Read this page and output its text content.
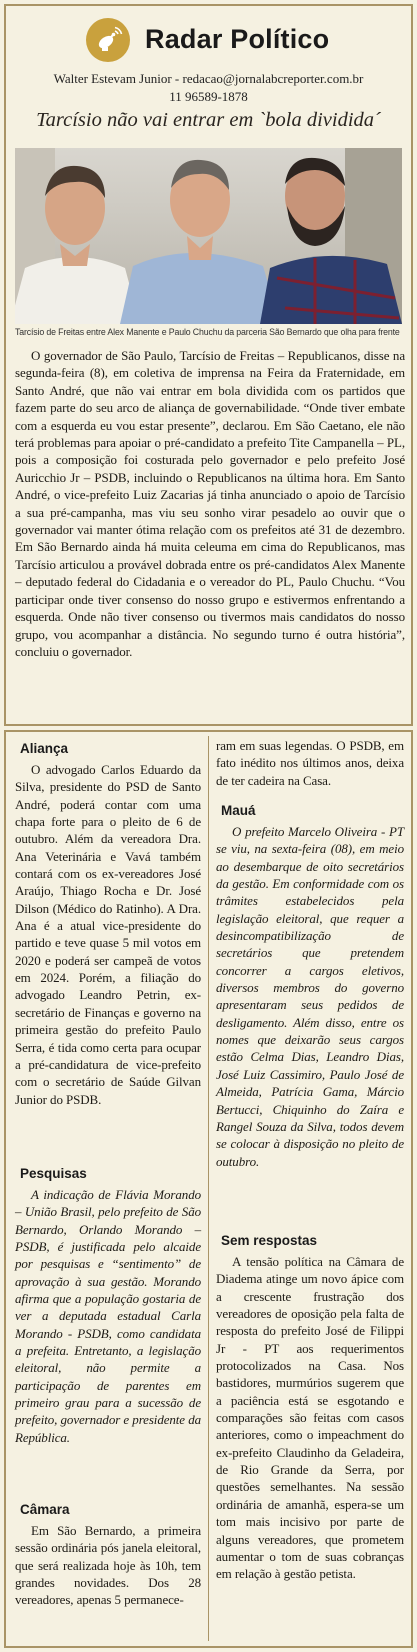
Radar Político
Walter Estevam Junior - redacao@jornalabcreporter.com.br
11 96589-1878
Tarcísio não vai entrar em `bola dividida´
Tarcísio de Freitas entre Alex Manente e Paulo Chuchu da parceria São Bernardo que olha para frente

O governador de São Paulo, Tarcísio de Freitas – Republicanos, disse na segunda-feira (8), em coletiva de imprensa na Feira da Fraternidade, em Santo André, que não vai entrar em bola dividida com os partidos que fazem parte do seu arco de aliança de governabilidade. “Onde tiver embate com a esquerda eu vou estar presente”, declarou. Em São Caetano, ele não terá problemas para apoiar o pré-candidato a prefeito Tite Campanella – PL, pois a composição foi costurada pelo governador e pelo prefeito José Auricchio Jr – PSDB, incluindo o Republicanos na última hora. Em Santo André, o vice-prefeito Luiz Zacarias já tinha anunciado o apoio de Tarcísio a sua pré-campanha, mas viu seu sonho virar pesadelo ao ouvir que o governador vai manter ótima relação com os prefeitos até 31 de dezembro. Em São Bernardo ainda há muita celeuma em cima do Republicanos, mas Tarcísio articulou a provável dobrada entre os pré-candidatos Alex Manente – deputado federal do Cidadania e o vereador do PL, Paulo Chuchu. “Vou participar onde tiver consenso do nosso grupo e estivermos enfrentando a esquerda. Onde não tiver consenso ou tivermos mais candidatos do nosso grupo, vou acompanhar a distância. No segundo turno é outra história”, concluiu o governador.

Aliança

O advogado Carlos Eduardo da Silva, presidente do PSD de Santo André, poderá contar com uma chapa forte para o pleito de 6 de outubro. Além da vereadora Dra. Ana Veterinária e Vavá também contará com os ex-vereadores José Araújo, Thiago Rocha e Dr. José Dilson (Médico do Ratinho). A Dra. Ana é a atual vice-presidente do partido e teve quase 5 mil votos em 2020 e poderá ser campeã de votos em 2024. Porém, a filiação do advogado Leandro Petrin, ex-secretário de Finanças e governo na primeira gestão do prefeito Paulo Serra, é tida como certa para ocupar a pré-candidatura de vice-prefeito com o secretário de Saúde Gilvan Junior do PSDB.

Pesquisas

A indicação de Flávia Morando – União Brasil, pelo prefeito de São Bernardo, Orlando Morando – PSDB, é justificada pelo alcaide por pesquisas e “sentimento” de aprovação à sua gestão. Morando afirma que a população gostaria de ver a deputada estadual Carla Morando - PSDB, como candidata a prefeita. Entretanto, a legislação eleitoral, não permite a participação de parentes em primeiro grau para a sucessão de prefeito, governador e presidente da República.

Câmara

Em São Bernardo, a primeira sessão ordinária pós janela eleitoral, que será realizada hoje às 10h, tem grandes novidades. Dos 28 vereadores, apenas 5 permanece-

ram em suas legendas. O PSDB, em fato inédito nos últimos anos, deixa de ter cadeira na Casa.

Mauá

O prefeito Marcelo Oliveira - PT se viu, na sexta-feira (08), em meio ao desembarque de oito secretários da gestão. Em conformidade com os trâmites estabelecidos pela legislação eleitoral, que requer a desincompatibilização de secretários que pretendem concorrer a cargos eletivos, diversos membros do governo apresentaram seus pedidos de desligamento. Além disso, entre os nomes que deixarão seus cargos estão Celma Dias, Leandro Dias, José Luiz Cassimiro, Paulo José de Almeida, Patrícia Gama, Márcio Bertucci, Chiquinho do Zaíra e Rangel Souza da Silva, todos devem se colocar à disposição no pleito de outubro.

Sem respostas

A tensão política na Câmara de Diadema atinge um novo ápice com a crescente frustração dos vereadores de oposição pela falta de resposta do prefeito José de Filippi Jr - PT aos requerimentos protocolizados na Casa. Nos bastidores, murmúrios sugerem que a paciência está se esgotando e comparações são feitas com casos anteriores, como o impeachment do ex-prefeito Claudinho da Geladeira, de Rio Grande da Serra, por questões semelhantes. Na sessão ordinária de amanhã, espera-se um tom mais incisivo por parte de alguns vereadores, que prometem aumentar o tom de suas cobranças em relação à gestão petista.
